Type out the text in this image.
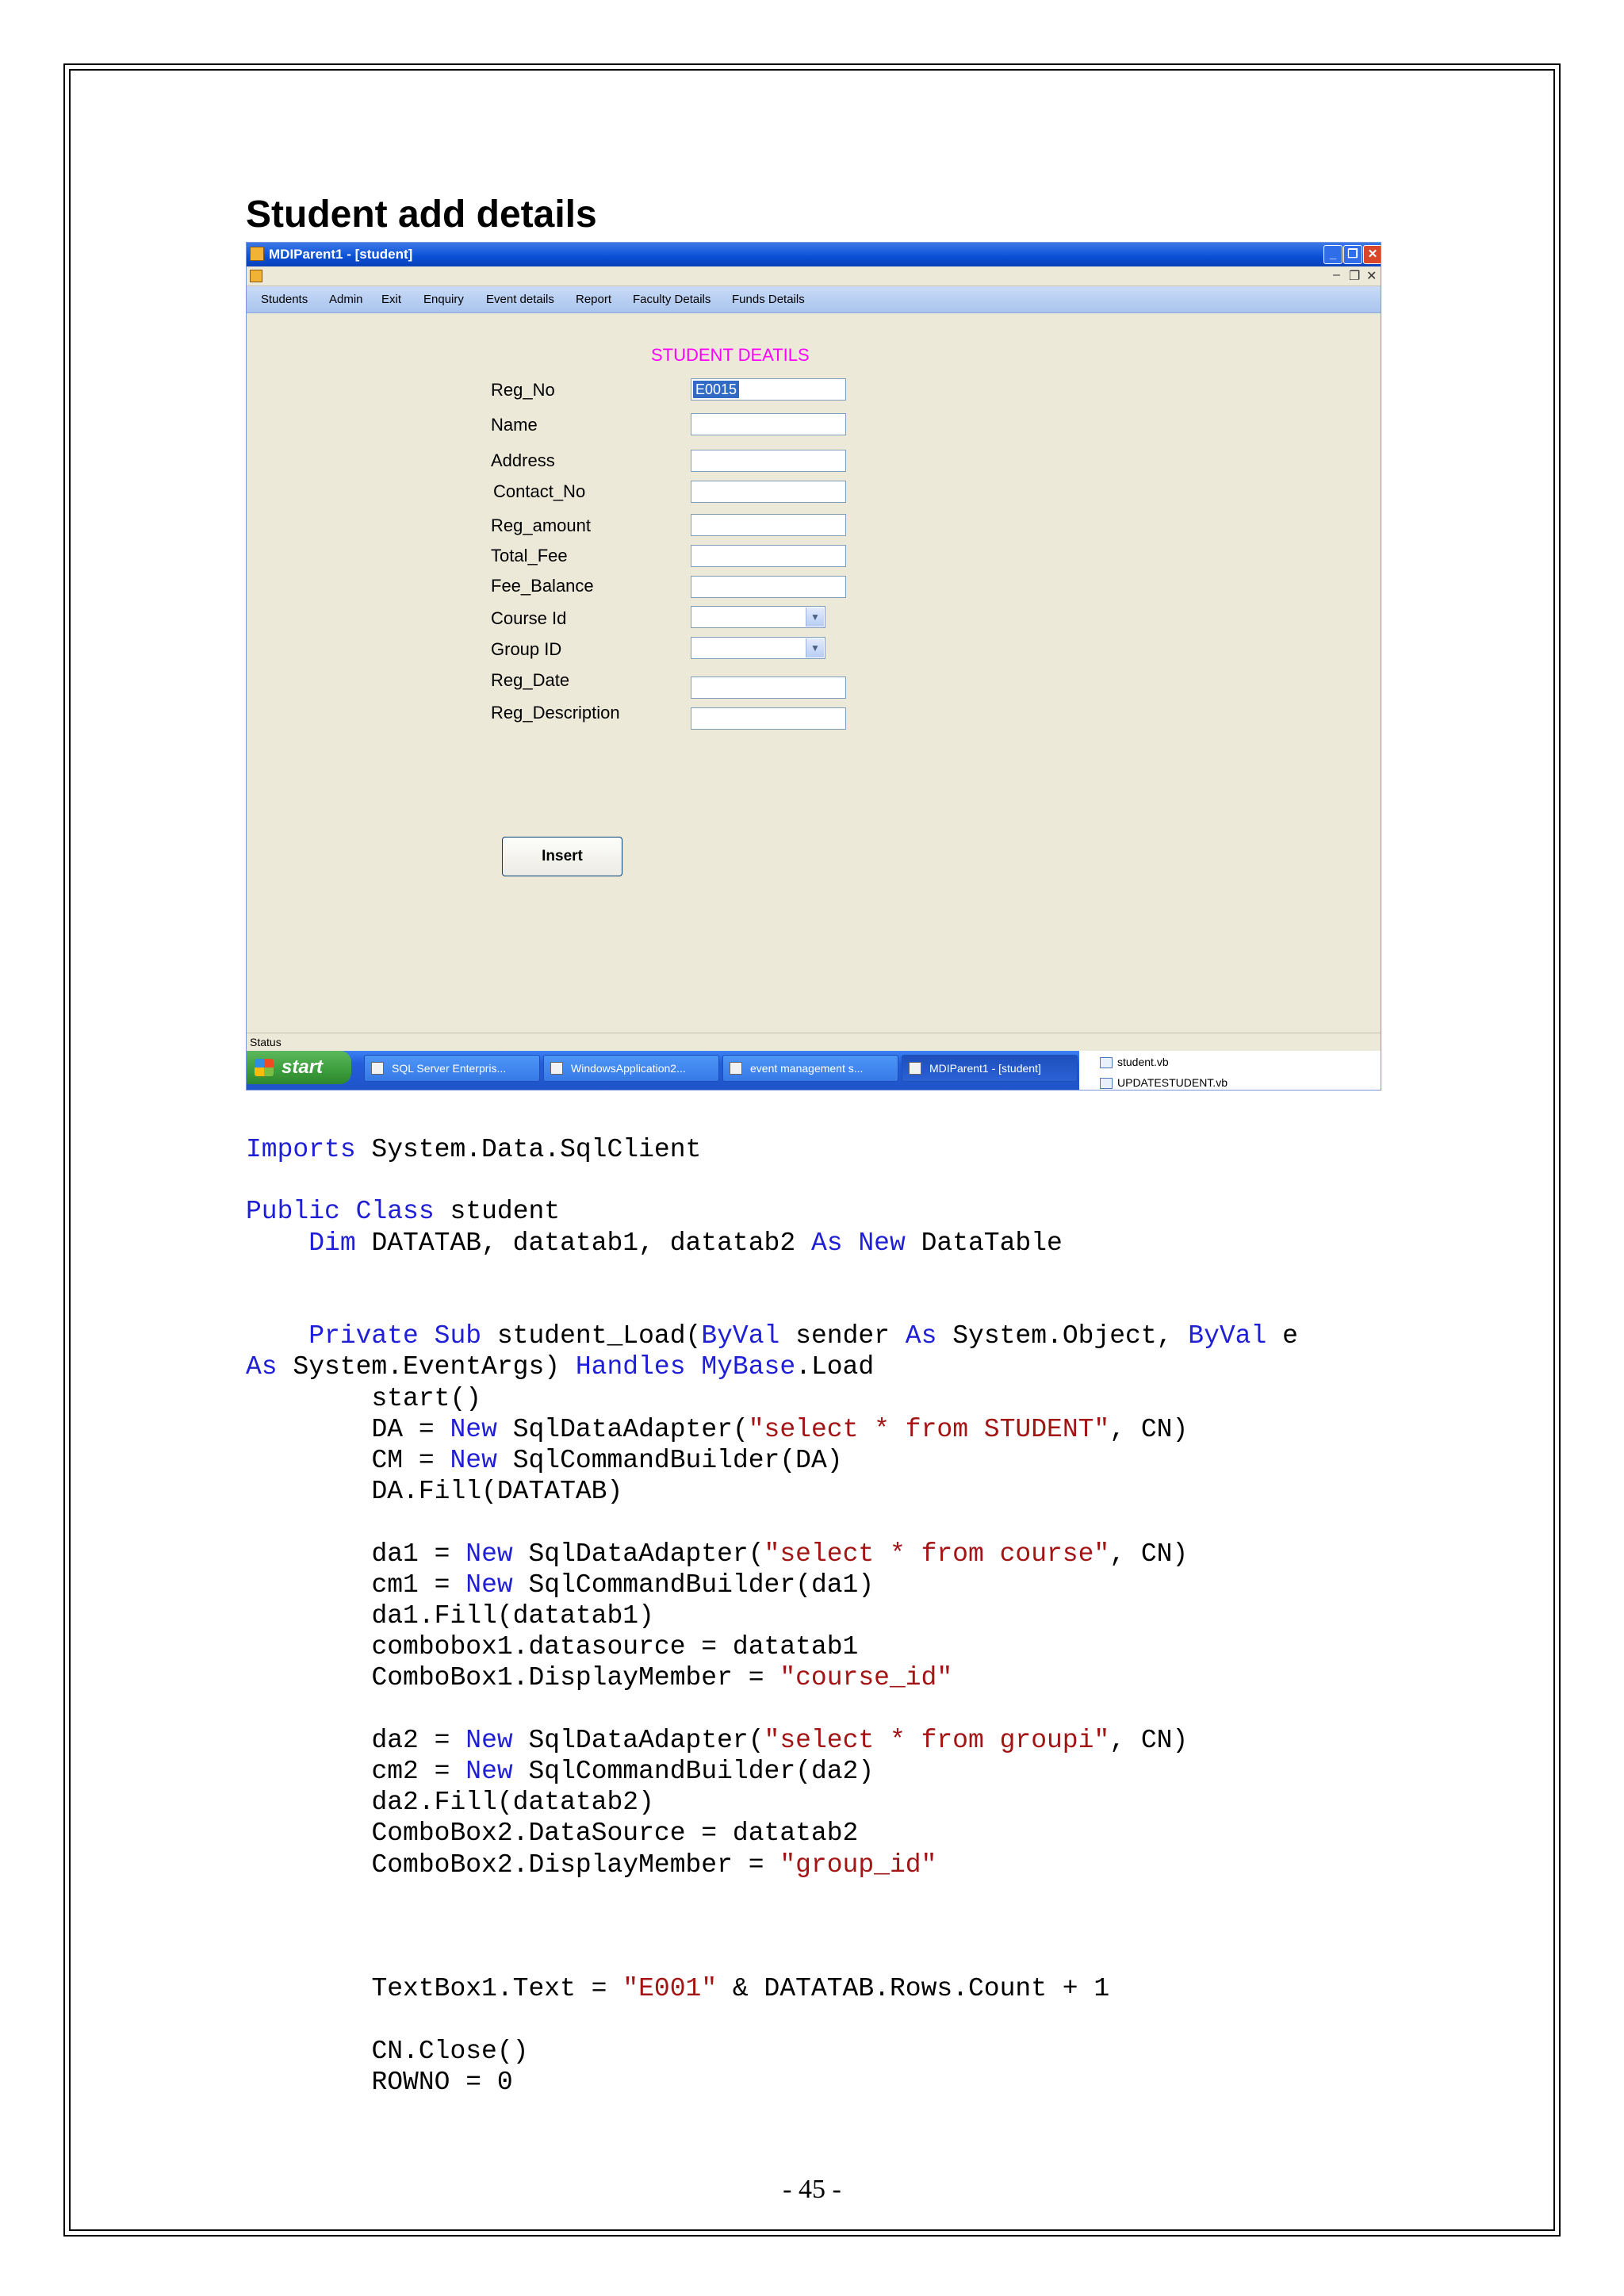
Student add details
MDIParent1 - [student]	_ ❐ ✕
– ❐ ✕
Students Admin Exit Enquiry Event details Report Faculty Details Funds Details
STUDENT DEATILS
Reg_No	E0015
Name
Address
Contact_No
Reg_amount
Total_Fee
Fee_Balance
Course Id	▼
Group ID	▼
Reg_Date
Reg_Description
Insert
Status
start	SQL Server Enterpris...	WindowsApplication2...	event management s...	MDIParent1 - [student]	student.vb
UPDATESTUDENT.vb
Imports System.Data.SqlClient

Public Class student
Dim DATATAB, datatab1, datatab2 As New DataTable

Private Sub student_Load(ByVal sender As System.Object, ByVal e
As System.EventArgs) Handles MyBase.Load
start()
DA = New SqlDataAdapter("select * from STUDENT", CN)
CM = New SqlCommandBuilder(DA)
DA.Fill(DATATAB)

da1 = New SqlDataAdapter("select * from course", CN)
cm1 = New SqlCommandBuilder(da1)
da1.Fill(datatab1)
combobox1.datasource = datatab1
ComboBox1.DisplayMember = "course_id"

da2 = New SqlDataAdapter("select * from groupi", CN)
cm2 = New SqlCommandBuilder(da2)
da2.Fill(datatab2)
ComboBox2.DataSource = datatab2
ComboBox2.DisplayMember = "group_id"

TextBox1.Text = "E001" & DATATAB.Rows.Count + 1

CN.Close()
ROWNO = 0
- 45 -
